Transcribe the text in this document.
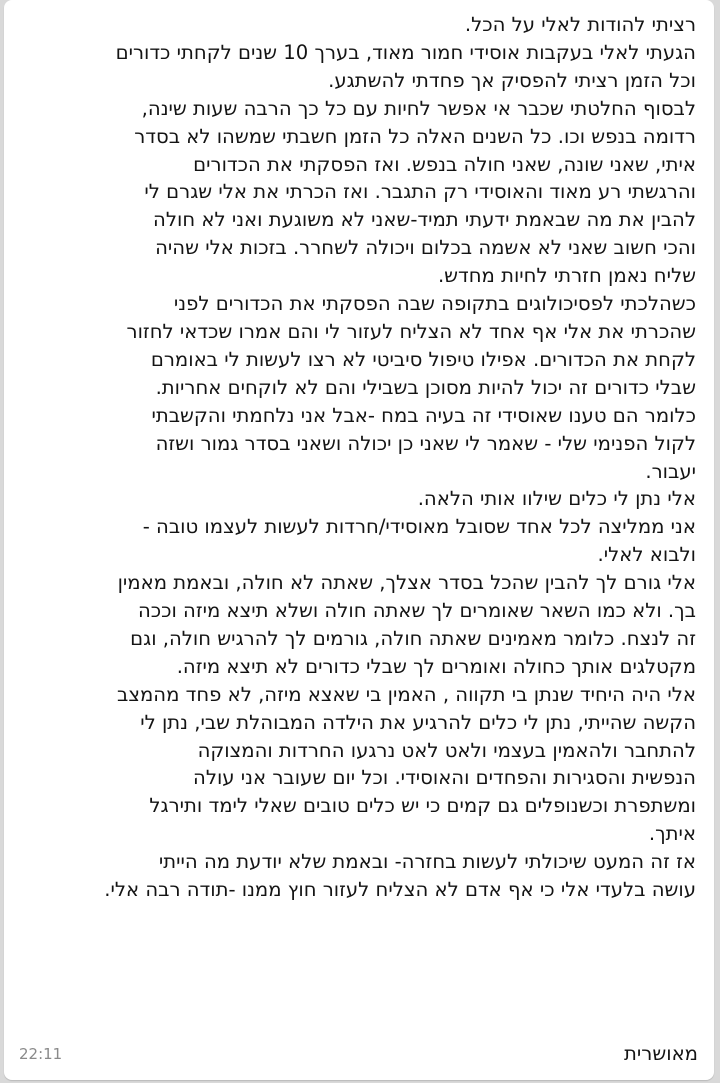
רציתי להודות לאלי על הכל.
הגעתי לאלי בעקבות אוסידי חמור מאוד, בערך 10 שנים לקחתי כדורים
וכל הזמן רציתי להפסיק אך פחדתי להשתגע.
לבסוף החלטתי שכבר אי אפשר לחיות עם כל כך הרבה שעות שינה,
רדומה בנפש וכו. כל השנים האלה כל הזמן חשבתי שמשהו לא בסדר
איתי, שאני שונה, שאני חולה בנפש. ואז הפסקתי את הכדורים
והרגשתי רע מאוד והאוסידי רק התגבר. ואז הכרתי את אלי שגרם לי
להבין את מה שבאמת ידעתי תמיד-שאני לא משוגעת ואני לא חולה
והכי חשוב שאני לא אשמה בכלום ויכולה לשחרר. בזכות אלי שהיה
שליח נאמן חזרתי לחיות מחדש.
כשהלכתי לפסיכולוגים בתקופה שבה הפסקתי את הכדורים לפני
שהכרתי את אלי אף אחד לא הצליח לעזור לי והם אמרו שכדאי לחזור
לקחת את הכדורים. אפילו טיפול סיביטי לא רצו לעשות לי באומרם
שבלי כדורים זה יכול להיות מסוכן בשבילי והם לא לוקחים אחריות.
כלומר הם טענו שאוסידי זה בעיה במח -אבל אני נלחמתי והקשבתי
לקול הפנימי שלי - שאמר לי שאני כן יכולה ושאני בסדר גמור ושזה
יעבור.
אלי נתן לי כלים שילוו אותי הלאה.
אני ממליצה לכל אחד שסובל מאוסידי/חרדות לעשות לעצמו טובה -
ולבוא לאלי.
אלי גורם לך להבין שהכל בסדר אצלך, שאתה לא חולה, ובאמת מאמין
בך. ולא כמו השאר שאומרים לך שאתה חולה ושלא תיצא מיזה וככה
זה לנצח. כלומר מאמינים שאתה חולה, גורמים לך להרגיש חולה, וגם
מקטלגים אותך כחולה ואומרים לך שבלי כדורים לא תיצא מיזה.
אלי היה היחיד שנתן בי תקווה , האמין בי שאצא מיזה, לא פחד מהמצב
הקשה שהייתי, נתן לי כלים להרגיע את הילדה המבוהלת שבי, נתן לי
להתחבר ולהאמין בעצמי ולאט לאט נרגעו החרדות והמצוקה
הנפשית והסגירות והפחדים והאוסידי. וכל יום שעובר אני עולה
ומשתפרת וכשנופלים גם קמים כי יש כלים טובים שאלי לימד ותירגל
איתך.
אז זה המעט שיכולתי לעשות בחזרה- ובאמת שלא יודעת מה הייתי
עושה בלעדי אלי כי אף אדם לא הצליח לעזור חוץ ממנו -תודה רבה אלי.
מאושרית
22:11
